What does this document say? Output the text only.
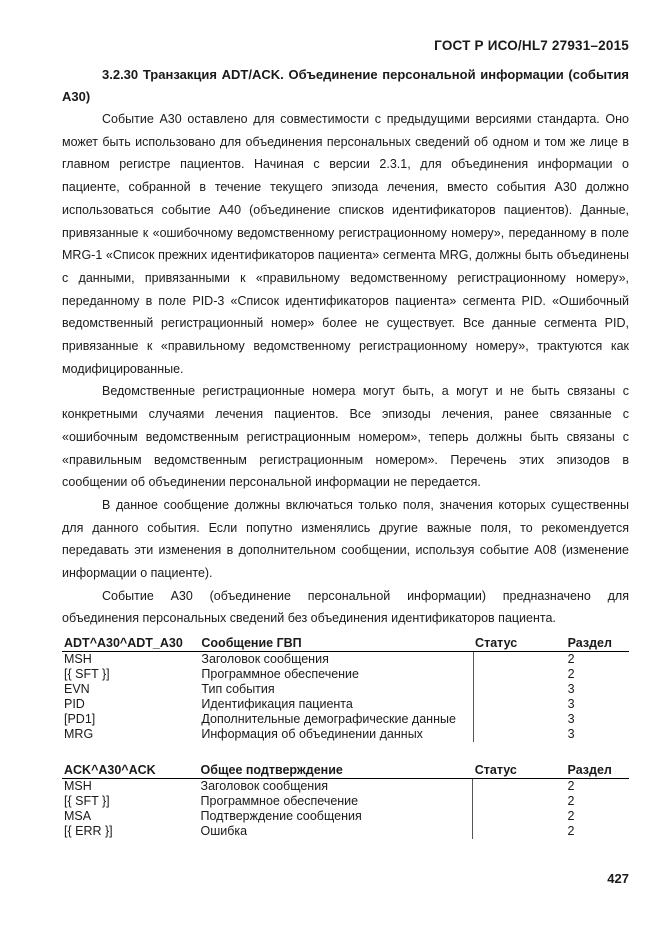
ГОСТ Р ИСО/HL7 27931–2015

3.2.30 Транзакция ADT/ACK. Объединение персональной информации (события A30)

Событие A30 оставлено для совместимости с предыдущими версиями стандарта. Оно может быть использовано для объединения персональных сведений об одном и том же лице в главном регистре пациентов. Начиная с версии 2.3.1, для объединения информации о пациенте, собранной в течение текущего эпизода лечения, вместо события A30 должно использоваться событие A40 (объединение списков идентификаторов пациентов). Данные, привязанные к «ошибочному ведомственному регистрационному номеру», переданному в поле MRG-1 «Список прежних идентификаторов пациента» сегмента MRG, должны быть объединены с данными, привязанными к «правильному ведомственному регистрационному номеру», переданному в поле PID-3 «Список идентификаторов пациента» сегмента PID. «Ошибочный ведомственный регистрационный номер» более не существует. Все данные сегмента PID, привязанные к «правильному ведомственному регистрационному номеру», трактуются как модифицированные.

Ведомственные регистрационные номера могут быть, а могут и не быть связаны с конкретными случаями лечения пациентов. Все эпизоды лечения, ранее связанные с «ошибочным ведомственным регистрационным номером», теперь должны быть связаны с «правильным ведомственным регистрационным номером». Перечень этих эпизодов в сообщении об объединении персональной информации не передается.

В данное сообщение должны включаться только поля, значения которых существенны для данного события. Если попутно изменялись другие важные поля, то рекомендуется передавать эти изменения в дополнительном сообщении, используя событие A08 (изменение информации о пациенте).

Событие A30 (объединение персональной информации) предназначено для объединения персональных сведений без объединения идентификаторов пациента.

ADT^A30^ADT_A30	Сообщение ГВП	Статус	Раздел
MSH	Заголовок сообщения		2
[{ SFT }]	Программное обеспечение		2
EVN	Тип события		3
PID	Идентификация пациента		3
[PD1]	Дополнительные демографические данные		3
MRG	Информация об объединении данных		3
ACK^A30^ACK	Общее подтверждение	Статус	Раздел
MSH	Заголовок сообщения		2
[{ SFT }]	Программное обеспечение		2
MSA	Подтверждение сообщения		2
[{ ERR }]	Ошибка		2
427
